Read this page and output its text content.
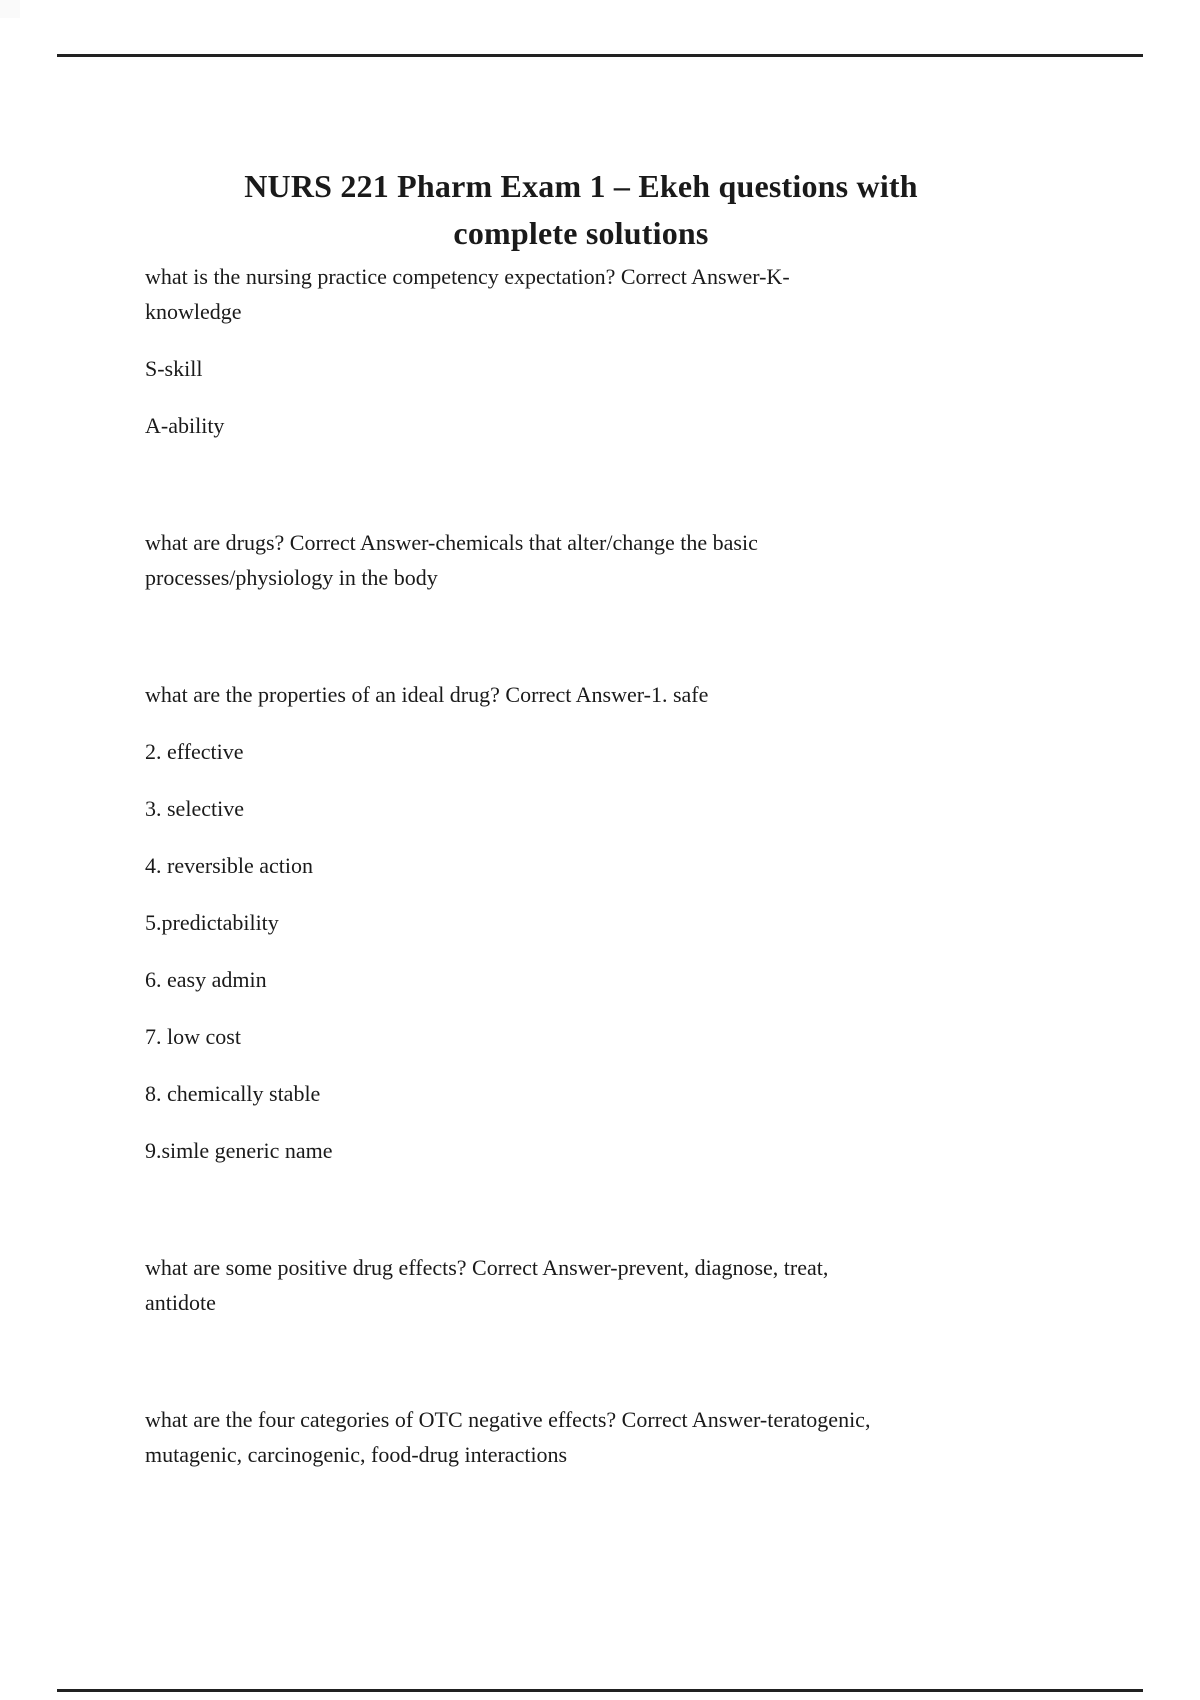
NURS 221 Pharm Exam 1 – Ekeh questions with
complete solutions

what is the nursing practice competency expectation? Correct Answer-K-
knowledge

S-skill

A-ability

what are drugs? Correct Answer-chemicals that alter/change the basic
processes/physiology in the body

what are the properties of an ideal drug? Correct Answer-1. safe

2. effective

3. selective

4. reversible action

5.predictability

6. easy admin

7. low cost

8. chemically stable

9.simle generic name

what are some positive drug effects? Correct Answer-prevent, diagnose, treat,
antidote

what are the four categories of OTC negative effects? Correct Answer-teratogenic,
mutagenic, carcinogenic, food-drug interactions
